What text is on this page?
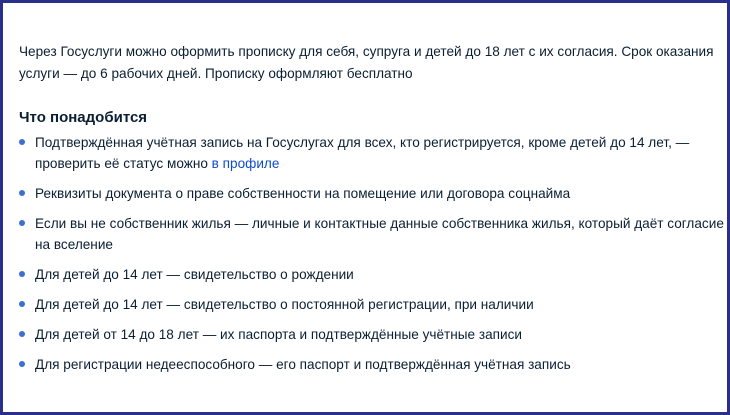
Через Госуслуги можно оформить прописку для себя, супруга и детей до 18 лет с их согласия. Срок оказания услуги — до 6 рабочих дней. Прописку оформляют бесплатно

Что понадобится
Подтверждённая учётная запись на Госуслугах для всех, кто регистрируется, кроме детей до 14 лет, — проверить её статус можно в профиле
Реквизиты документа о праве собственности на помещение или договора соцнайма
Если вы не собственник жилья — личные и контактные данные собственника жилья, который даёт согласие на вселение
Для детей до 14 лет — свидетельство о рождении
Для детей до 14 лет — свидетельство о постоянной регистрации, при наличии
Для детей от 14 до 18 лет — их паспорта и подтверждённые учётные записи
Для регистрации недееспособного — его паспорт и подтверждённая учётная запись
